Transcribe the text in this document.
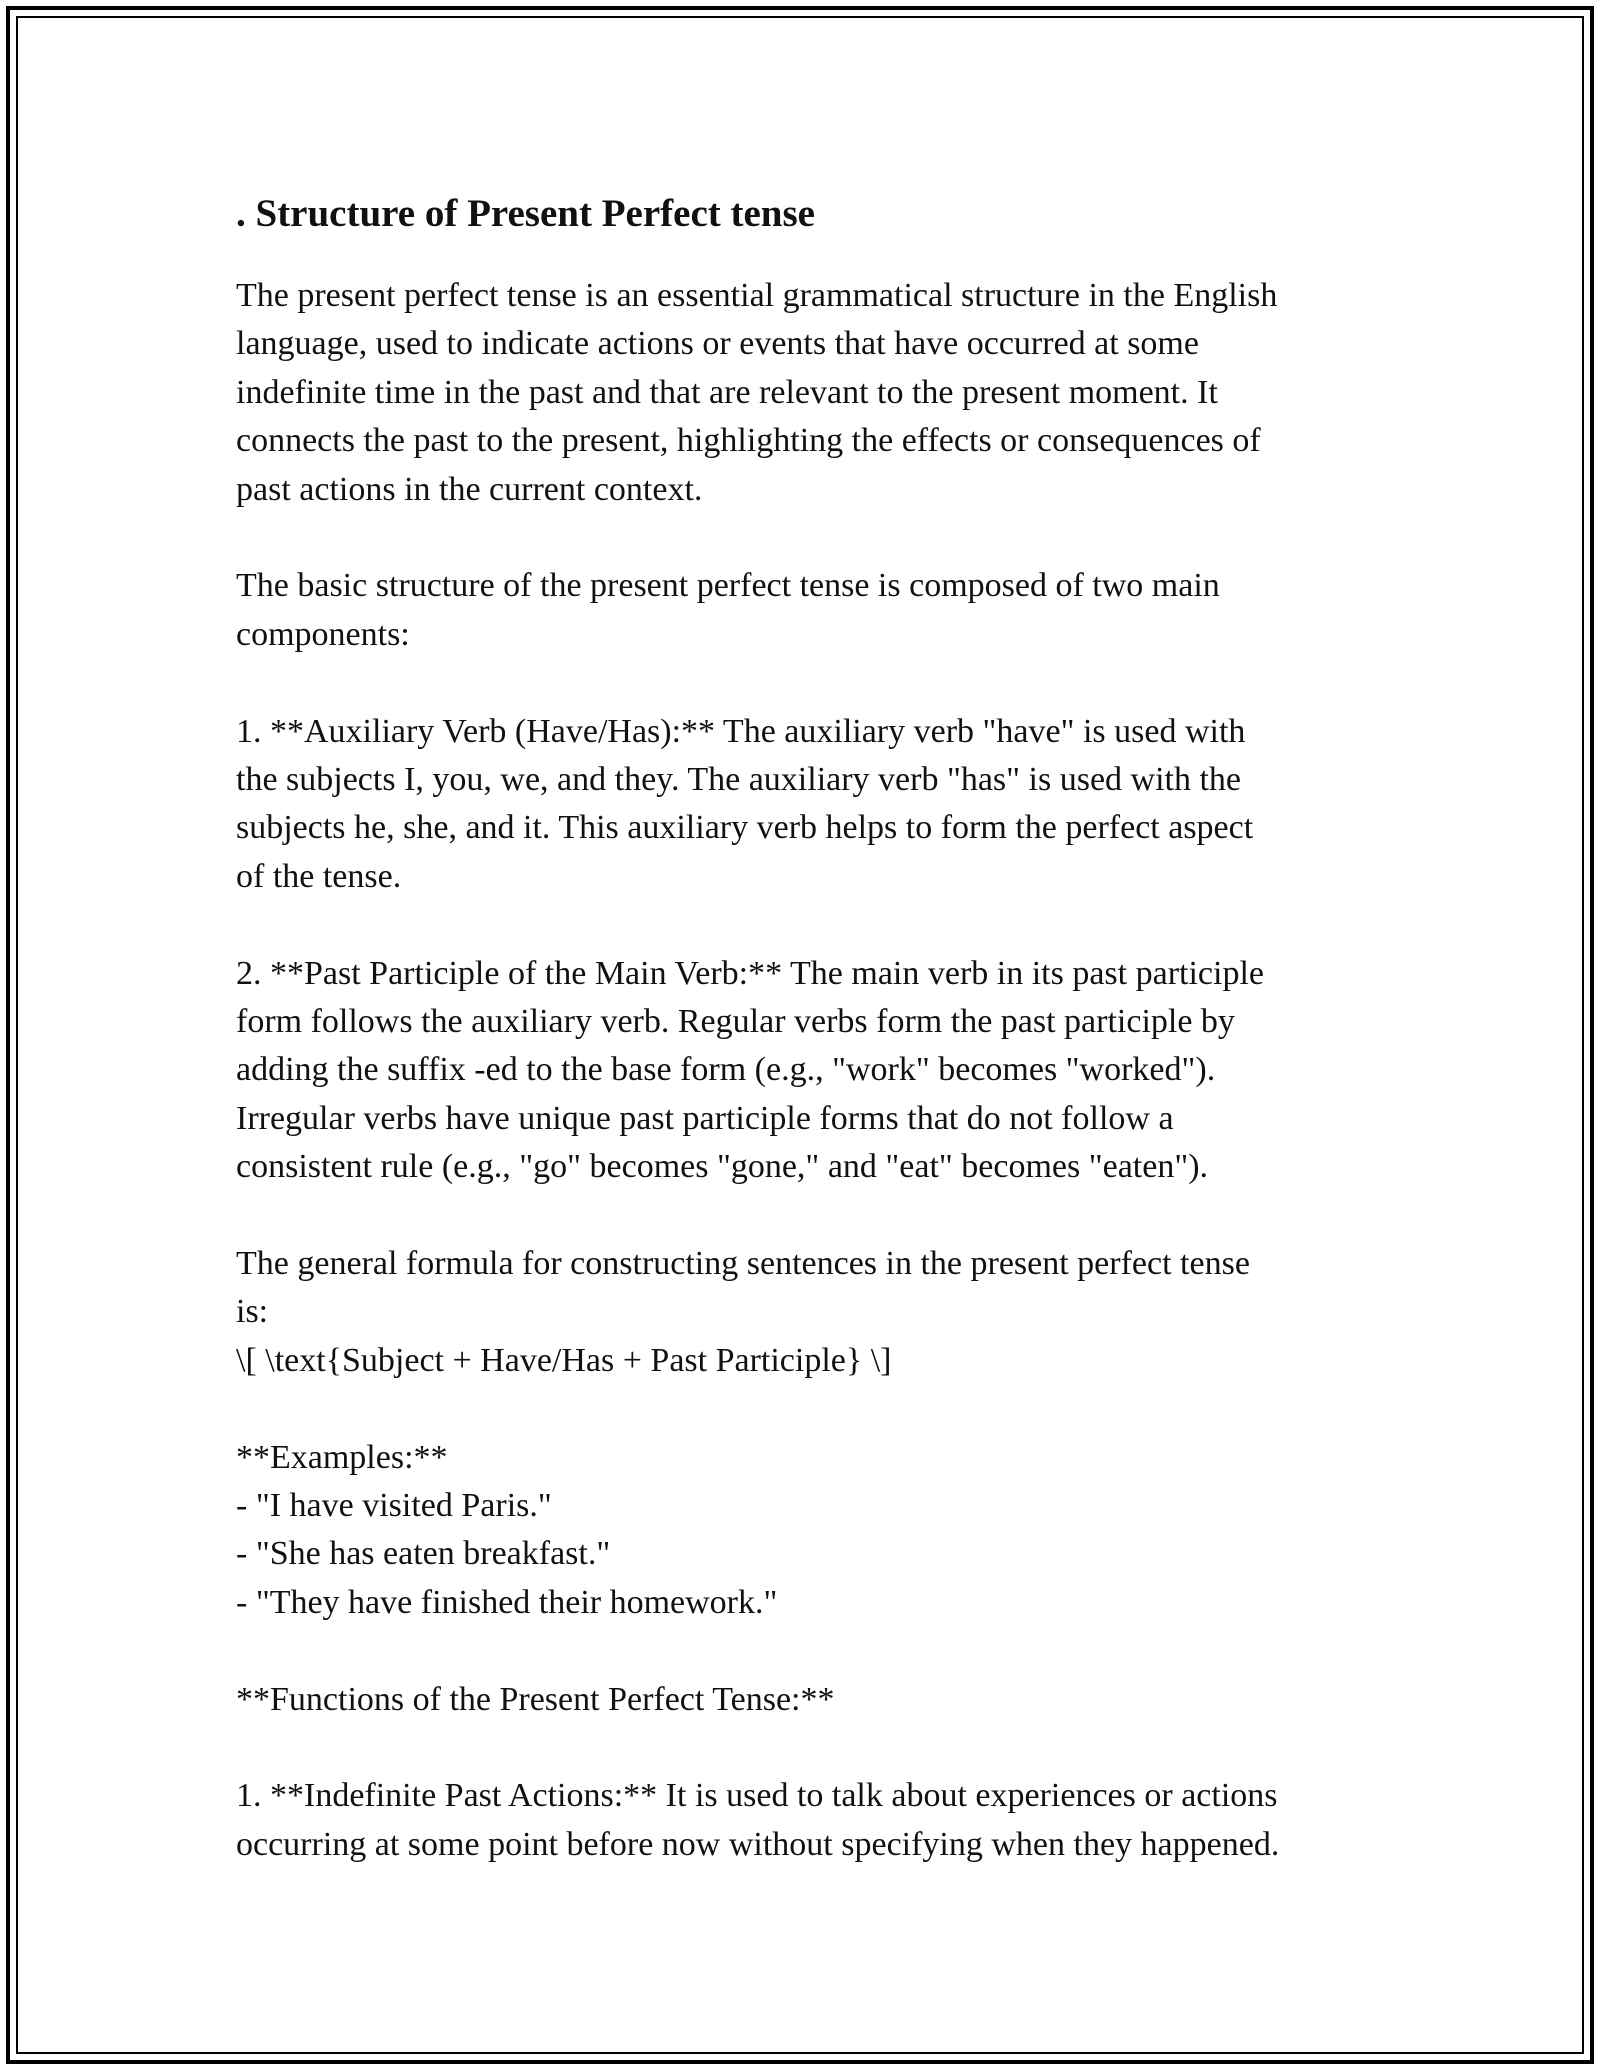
. Structure of Present Perfect tense
The present perfect tense is an essential grammatical structure in the English
language, used to indicate actions or events that have occurred at some
indefinite time in the past and that are relevant to the present moment. It
connects the past to the present, highlighting the effects or consequences of
past actions in the current context.
The basic structure of the present perfect tense is composed of two main
components:
1. **Auxiliary Verb (Have/Has):** The auxiliary verb "have" is used with
the subjects I, you, we, and they. The auxiliary verb "has" is used with the
subjects he, she, and it. This auxiliary verb helps to form the perfect aspect
of the tense.
2. **Past Participle of the Main Verb:** The main verb in its past participle
form follows the auxiliary verb. Regular verbs form the past participle by
adding the suffix -ed to the base form (e.g., "work" becomes "worked").
Irregular verbs have unique past participle forms that do not follow a
consistent rule (e.g., "go" becomes "gone," and "eat" becomes "eaten").
The general formula for constructing sentences in the present perfect tense
is:
\[ \text{Subject + Have/Has + Past Participle} \]
**Examples:**
- "I have visited Paris."
- "She has eaten breakfast."
- "They have finished their homework."
**Functions of the Present Perfect Tense:**
1. **Indefinite Past Actions:** It is used to talk about experiences or actions
occurring at some point before now without specifying when they happened.
